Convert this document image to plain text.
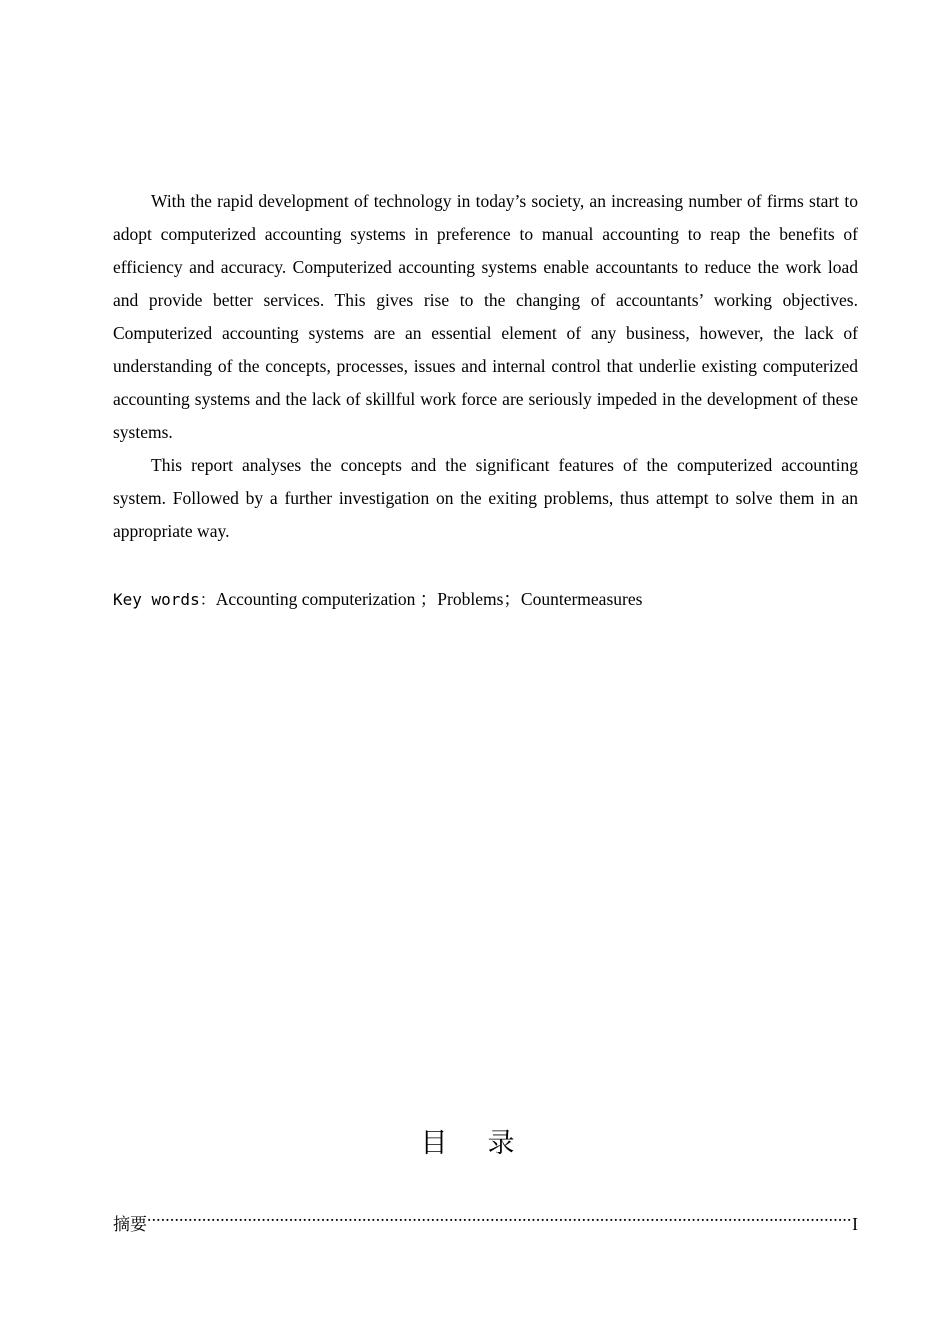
With the rapid development of technology in today’s society, an increasing number of firms start to adopt computerized accounting systems in preference to manual accounting to reap the benefits of efficiency and accuracy. Computerized accounting systems enable accountants to reduce the work load and provide better services. This gives rise to the changing of accountants’ working objectives. Computerized accounting systems are an essential element of any business, however, the lack of understanding of the concepts, processes, issues and internal control that underlie existing computerized accounting systems and the lack of skillful work force are seriously impeded in the development of these systems.

This report analyses the concepts and the significant features of the computerized accounting system. Followed by a further investigation on the exiting problems, thus attempt to solve them in an appropriate way.

Key words：Accounting computerization ；Problems；Countermeasures
目录
摘要
.....	I
